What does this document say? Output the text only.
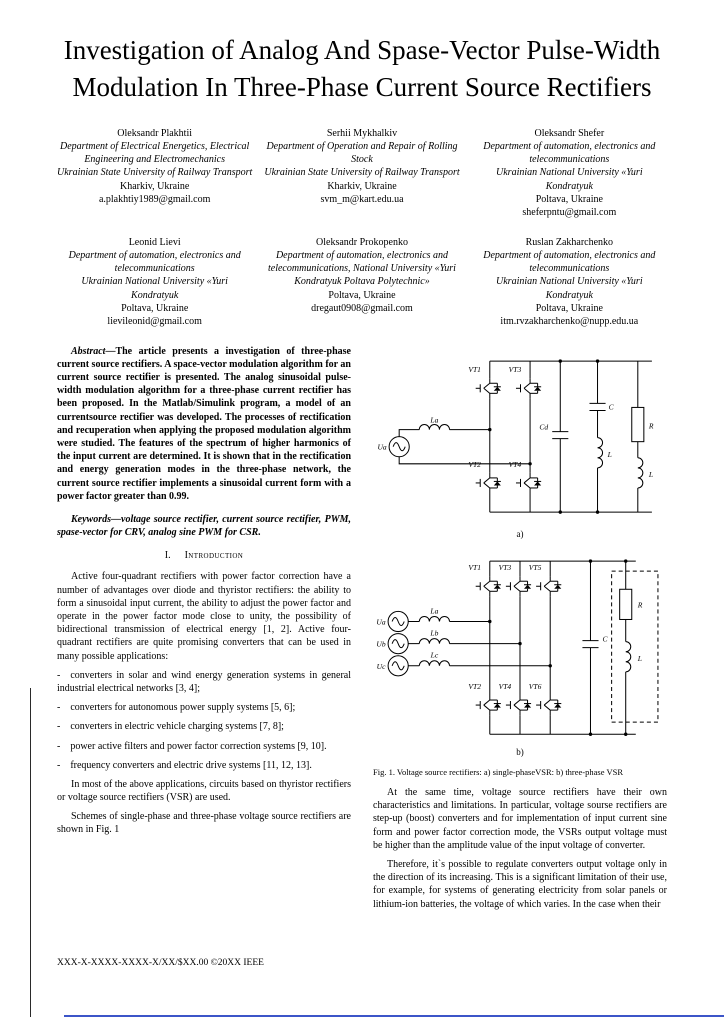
Investigation of Analog And Spase-Vector Pulse-Width Modulation In Three-Phase Current Source Rectifiers
Oleksandr Plakhtii
Department of Electrical Energetics, Electrical Engineering and Electromechanics
Ukrainian State University of Railway Transport
Kharkiv, Ukraine
a.plakhtiy1989@gmail.com
Serhii Mykhalkiv
Department of Operation and Repair of Rolling Stock
Ukrainian State University of Railway Transport
Kharkiv, Ukraine
svm_m@kart.edu.ua
Oleksandr Shefer
Department of automation, electronics and telecommunications
Ukrainian National University «Yuri Kondratyuk
Poltava, Ukraine
sheferpntu@gmail.com
Leonid Lievi
Department of automation, electronics and telecommunications
Ukrainian National University «Yuri Kondratyuk
Poltava, Ukraine
lievileonid@gmail.com
Oleksandr Prokopenko
Department of automation, electronics and telecommunications, National University «Yuri Kondratyuk Poltava Polytechnic»
Poltava, Ukraine
dregaut0908@gmail.com
Ruslan Zakharchenko
Department of automation, electronics and telecommunications
Ukrainian National University «Yuri Kondratyuk
Poltava, Ukraine
itm.rvzakharchenko@nupp.edu.ua

Abstract—The article presents a investigation of three-phase current source rectifiers. A space-vector modulation algorithm for an current source rectifier is presented. The analog sinusoidal pulse-width modulation algorithm for a three-phase current rectifier has been proposed. In the Matlab/Simulink program, a model of an currentsource rectifier was developed. The processes of rectification and recuperation when applying the proposed modulation algorithm were studied. The features of the spectrum of higher harmonics of the input current are determined. It is shown that in the rectification and energy generation modes in the three-phase network, the current source rectifier implements a sinusoidal current form with a power factor greater than 0.99.

Keywords—voltage source rectifier, current source rectifier, PWM, spase-vector for CRV, analog sine PWM for CSR.

I. Introduction

Active four-quadrant rectifiers with power factor correction have a number of advantages over diode and thyristor rectifiers: the ability to form a sinusoidal input current, the ability to adjust the power factor and operate in the power factor mode close to unity, the possibility of bidirectional transmission of electrical energy [1, 2]. Active four-quadrant rectifiers are quite promising converters that can be used in many possible applications:

- converters in solar and wind energy generation systems in general industrial electrical networks [3, 4];

- converters for autonomous power supply systems [5, 6];

- converters in electric vehicle charging systems [7, 8];

- power active filters and power factor correction systems [9, 10].

- frequency converters and electric drive systems [11, 12, 13].

In most of the above applications, circuits based on thyristor rectifiers or voltage source rectifiers (VSR) are used.

Schemes of single-phase and three-phase voltage source rectifiers are shown in Fig. 1

VT1	VT3
VT2	VT4
La
Ua
Cd
C
L
R
L
a)
VT1 VT3 VT5
VT2 VT4 VT6
Ua
Ub
Uc
La
Lb
Lc
C
R
L
b)
Fig. 1. Voltage source rectifiers: a) single-phaseVSR: b) three-phase VSR

At the same time, voltage source rectifiers have their own characteristics and limitations. In particular, voltage sourse rectifiers are step-up (boost) converters and for implementation of input current sine form and power factor correction mode, the VSRs output voltage must be higher than the amplitude value of the input voltage of converter.

Therefore, it`s possible to regulate converters output voltage only in the direction of its increasing. This is a significant limitation of their use, for example, for systems of generating electricity from solar panels or lithium-ion batteries, the voltage of which varies. In the case when their

XXX-X-XXXX-XXXX-X/XX/$XX.00 ©20XX IEEE
